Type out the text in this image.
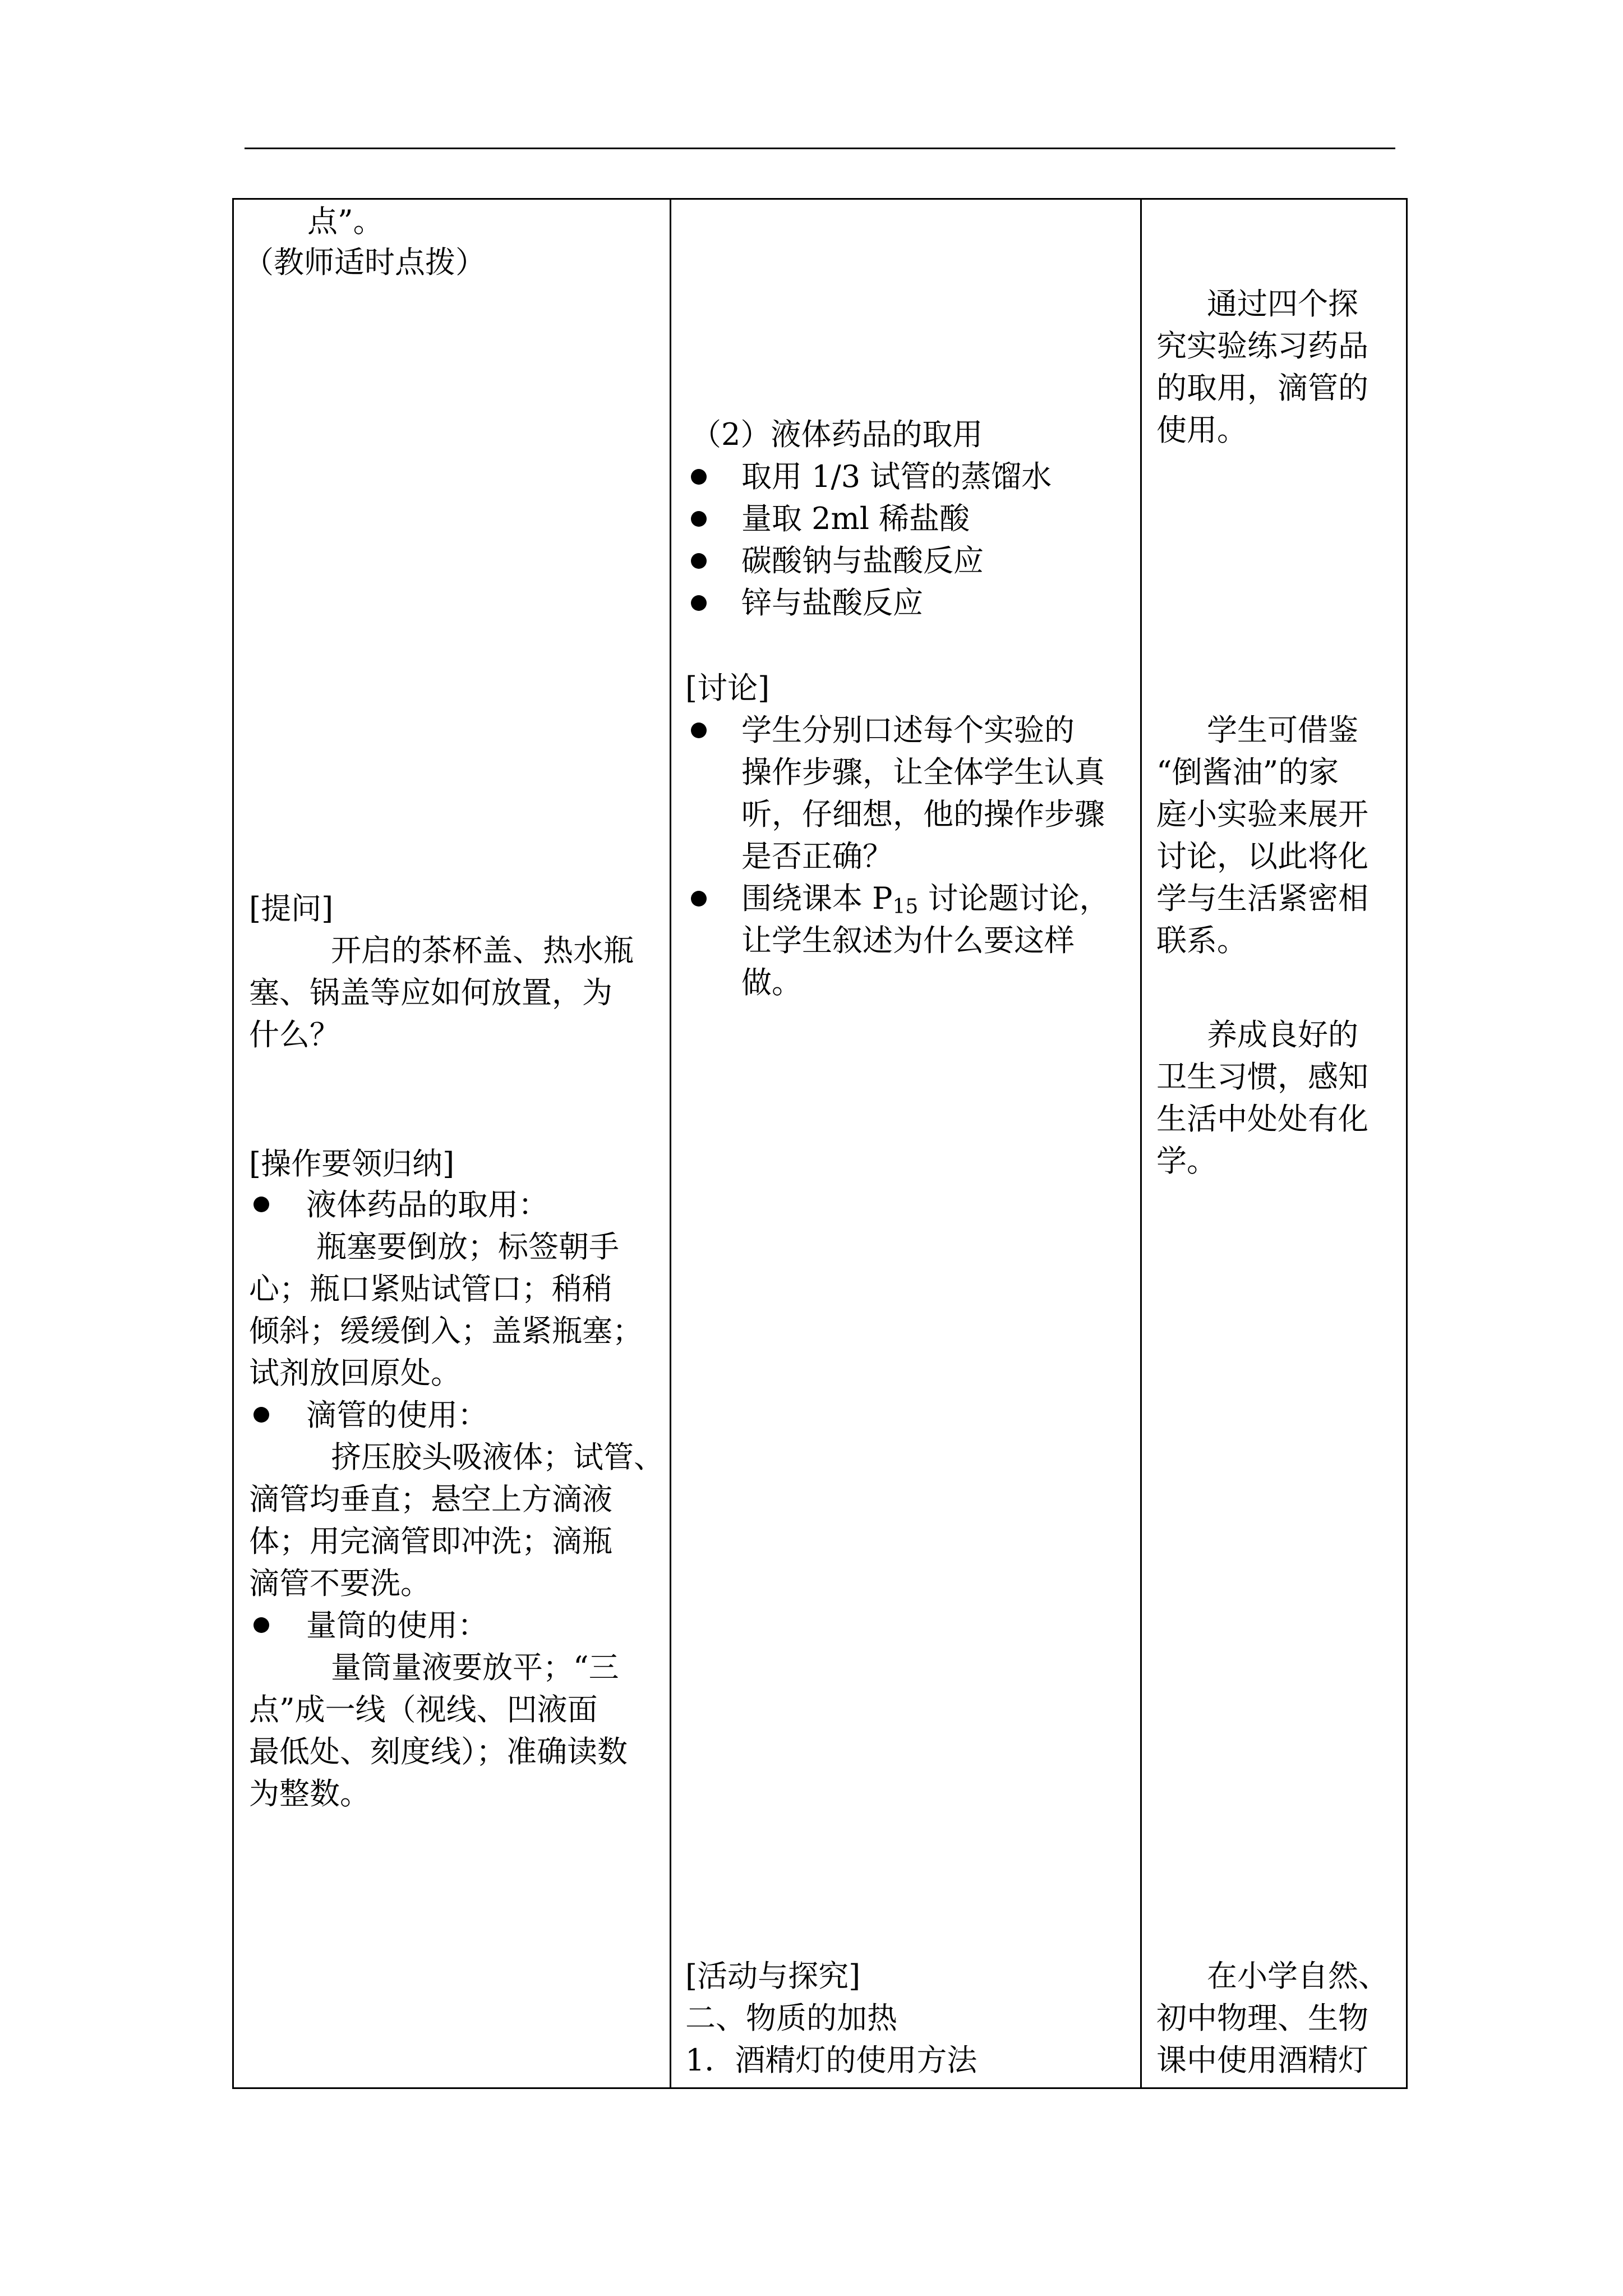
点”。
（教师适时点拨）
[提问]
开启的茶杯盖、热水瓶
塞、锅盖等应如何放置，为
什么？
[操作要领归纳]
液体药品的取用：
瓶塞要倒放；标签朝手
心；瓶口紧贴试管口；稍稍
倾斜；缓缓倒入；盖紧瓶塞；
试剂放回原处。
滴管的使用：
挤压胶头吸液体；试管、
滴管均垂直；悬空上方滴液
体；用完滴管即冲洗；滴瓶
滴管不要洗。
量筒的使用：
量筒量液要放平；“三
点”成一线（视线、凹液面
最低处、刻度线）；准确读数
为整数。
（2）液体药品的取用
取用 1/3 试管的蒸馏水
量取 2ml 稀盐酸
碳酸钠与盐酸反应
锌与盐酸反应
[讨论]
学生分别口述每个实验的
操作步骤，让全体学生认真
听，仔细想，他的操作步骤
是否正确？
围绕课本 $P_{15}$ 讨论题讨论，
让学生叙述为什么要这样
做。
[活动与探究]
二、物质的加热
1．酒精灯的使用方法
通过四个探
究实验练习药品
的取用，滴管的
使用。
学生可借鉴
“倒酱油”的家
庭小实验来展开
讨论，以此将化
学与生活紧密相
联系。
养成良好的
卫生习惯，感知
生活中处处有化
学。
在小学自然、
初中物理、生物
课中使用酒精灯
